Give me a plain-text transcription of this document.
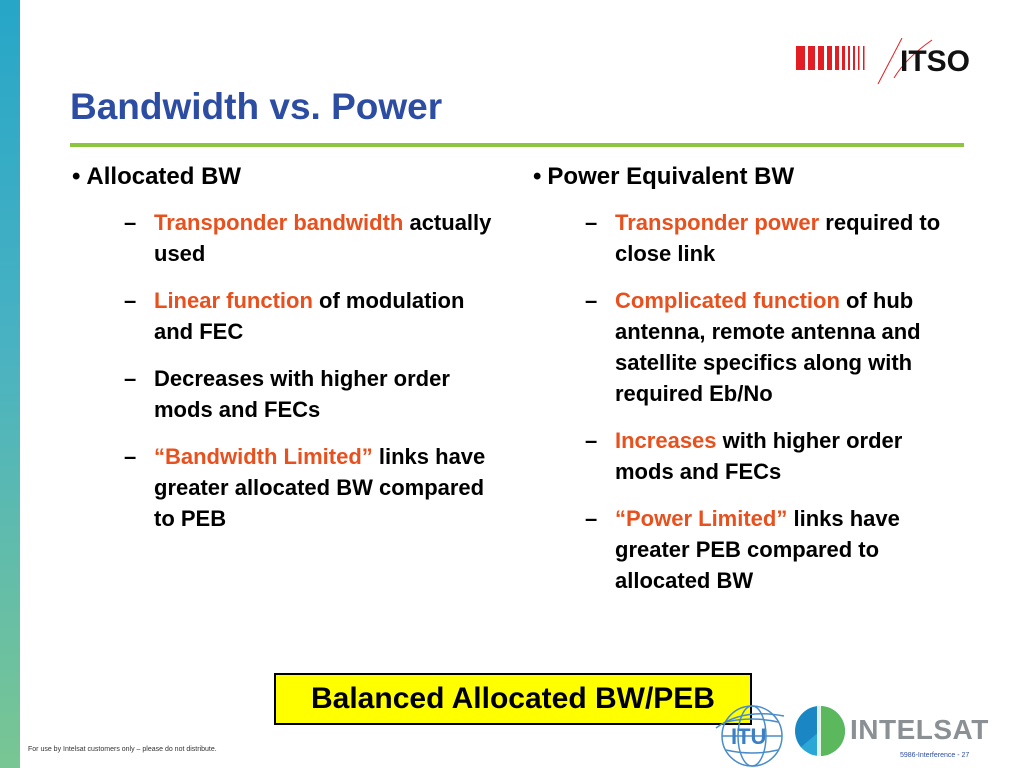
ITSO
Bandwidth vs. Power
• Allocated BW
– Transponder bandwidth actually used
– Linear function of modulation and FEC
– Decreases with higher order mods and FECs
– “Bandwidth Limited” links have greater allocated BW compared to PEB
• Power Equivalent BW
– Transponder power required to close link
– Complicated function of hub antenna, remote antenna and satellite specifics along with required Eb/No
– Increases with higher order mods and FECs
– “Power Limited” links have greater PEB compared to allocated BW
Balanced Allocated BW/PEB
ITU	INTELSAT
For use by Intelsat customers only – please do not distribute.
5986-Interference - 27
